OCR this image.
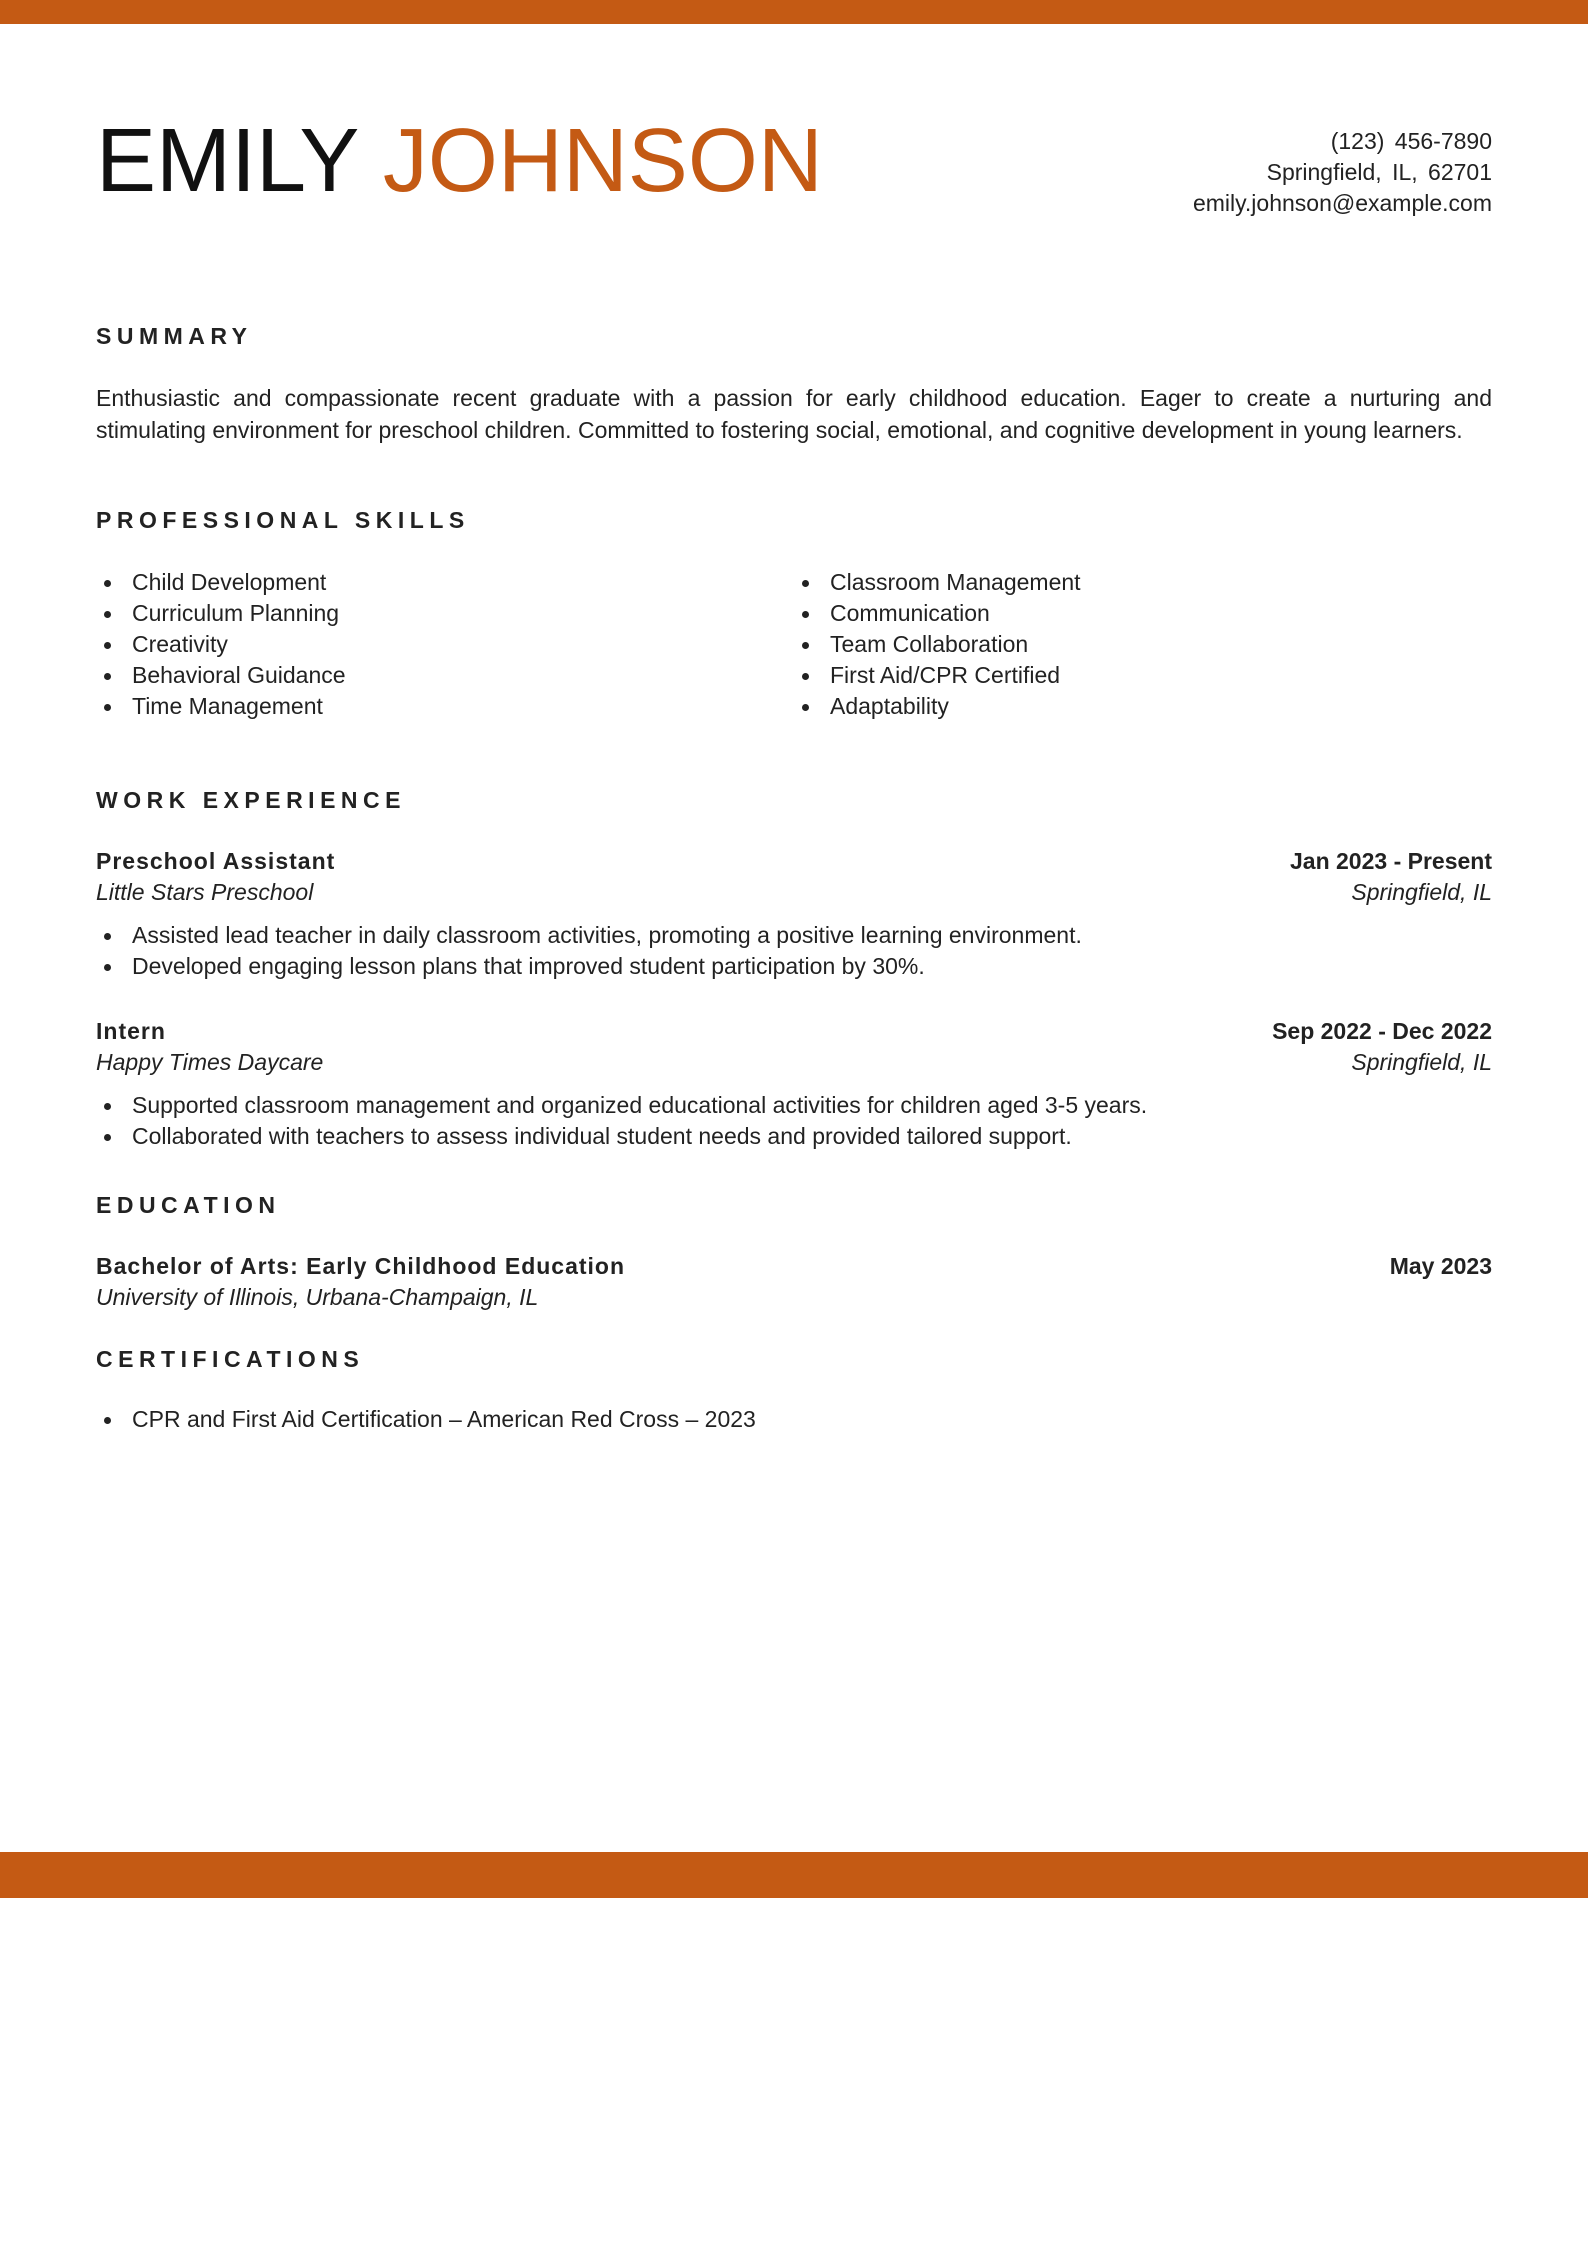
EMILY JOHNSON	(123) 456-7890
Springfield, IL, 62701
emily.johnson@example.com
SUMMARY
Enthusiastic and compassionate recent graduate with a passion for early childhood education. Eager to create a nurturing and stimulating environment for preschool children. Committed to fostering social, emotional, and cognitive development in young learners.
PROFESSIONAL SKILLS
Child Development
Curriculum Planning
Creativity
Behavioral Guidance
Time Management
Classroom Management
Communication
Team Collaboration
First Aid/CPR Certified
Adaptability
WORK EXPERIENCE
Preschool Assistant	Jan 2023 - Present
Little Stars Preschool	Springfield, IL
Assisted lead teacher in daily classroom activities, promoting a positive learning environment.
Developed engaging lesson plans that improved student participation by 30%.
Intern	Sep 2022 - Dec 2022
Happy Times Daycare	Springfield, IL
Supported classroom management and organized educational activities for children aged 3-5 years.
Collaborated with teachers to assess individual student needs and provided tailored support.
EDUCATION
Bachelor of Arts: Early Childhood Education	May 2023
University of Illinois, Urbana-Champaign, IL
CERTIFICATIONS
CPR and First Aid Certification – American Red Cross – 2023
